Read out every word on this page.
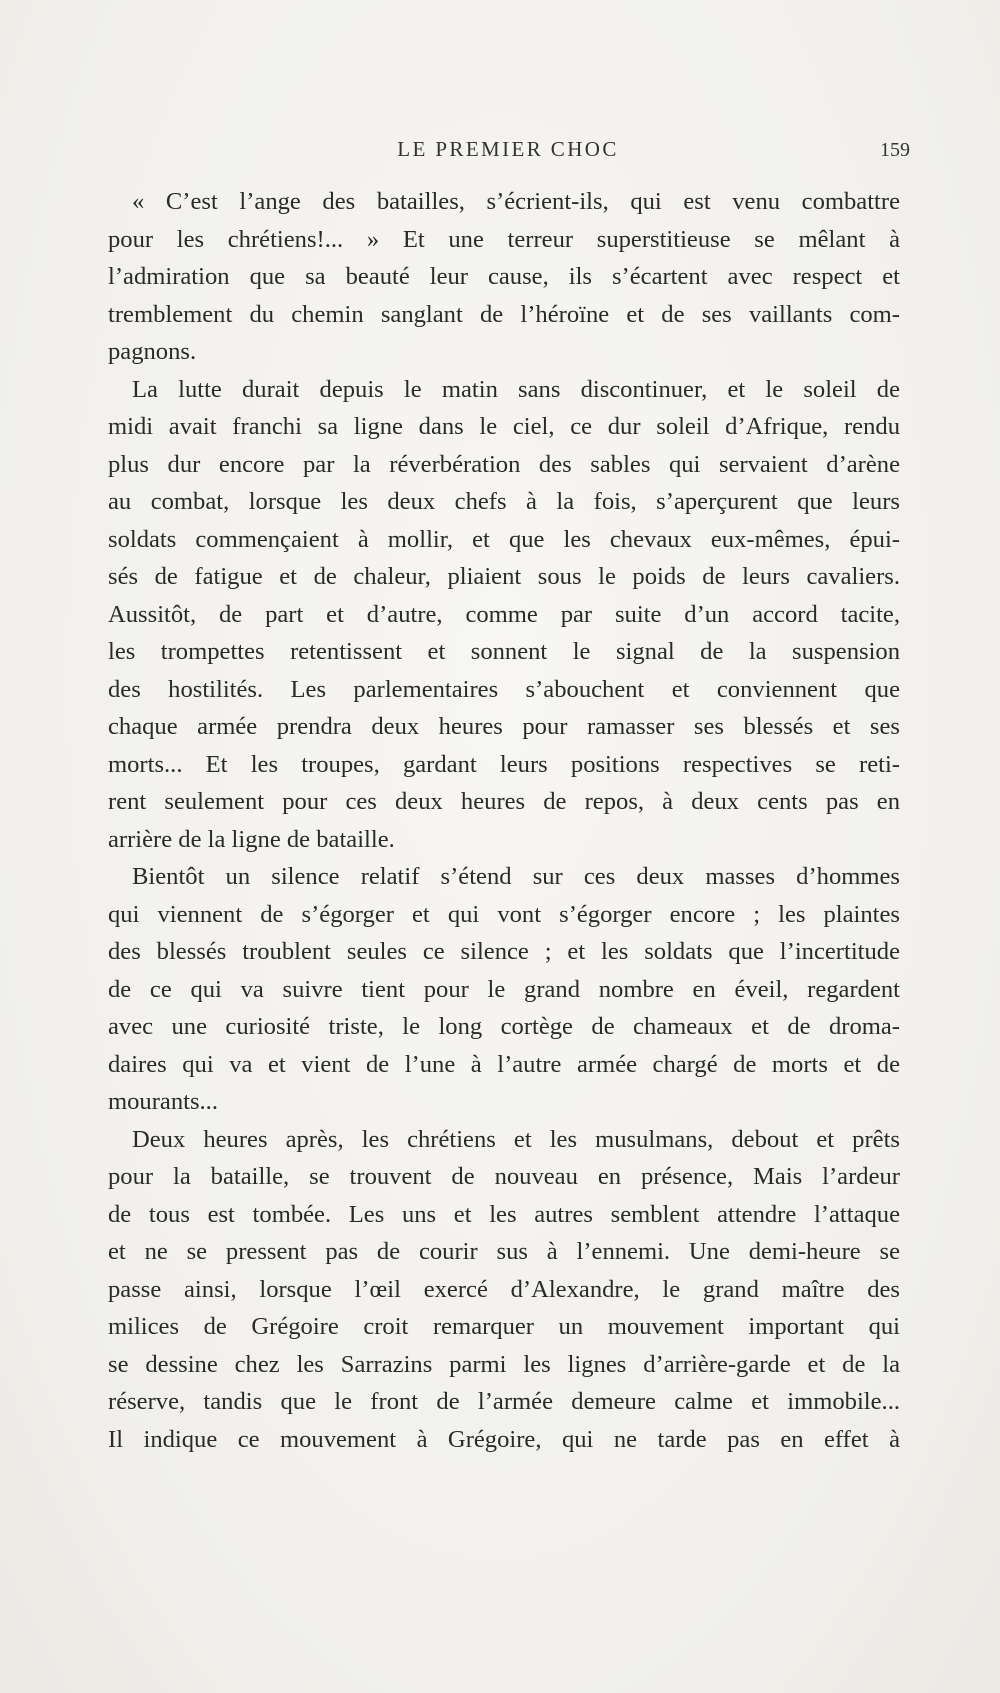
LE PREMIER CHOC	159

« C’est l’ange des batailles, s’écrient-ils, qui est venu combattre
pour les chrétiens!... » Et une terreur superstitieuse se mêlant à
l’admiration que sa beauté leur cause, ils s’écartent avec respect et
tremblement du chemin sanglant de l’héroïne et de ses vaillants com-
pagnons.

La lutte durait depuis le matin sans discontinuer, et le soleil de
midi avait franchi sa ligne dans le ciel, ce dur soleil d’Afrique, rendu
plus dur encore par la réverbération des sables qui servaient d’arène
au combat, lorsque les deux chefs à la fois, s’aperçurent que leurs
soldats commençaient à mollir, et que les chevaux eux-mêmes, épui-
sés de fatigue et de chaleur, pliaient sous le poids de leurs cavaliers.
Aussitôt, de part et d’autre, comme par suite d’un accord tacite,
les trompettes retentissent et sonnent le signal de la suspension
des hostilités. Les parlementaires s’abouchent et conviennent que
chaque armée prendra deux heures pour ramasser ses blessés et ses
morts... Et les troupes, gardant leurs positions respectives se reti-
rent seulement pour ces deux heures de repos, à deux cents pas en
arrière de la ligne de bataille.

Bientôt un silence relatif s’étend sur ces deux masses d’hommes
qui viennent de s’égorger et qui vont s’égorger encore ; les plaintes
des blessés troublent seules ce silence ; et les soldats que l’incertitude
de ce qui va suivre tient pour le grand nombre en éveil, regardent
avec une curiosité triste, le long cortège de chameaux et de droma-
daires qui va et vient de l’une à l’autre armée chargé de morts et de
mourants...

Deux heures après, les chrétiens et les musulmans, debout et prêts
pour la bataille, se trouvent de nouveau en présence, Mais l’ardeur
de tous est tombée. Les uns et les autres semblent attendre l’attaque
et ne se pressent pas de courir sus à l’ennemi. Une demi-heure se
passe ainsi, lorsque l’œil exercé d’Alexandre, le grand maître des
milices de Grégoire croit remarquer un mouvement important qui
se dessine chez les Sarrazins parmi les lignes d’arrière-garde et de la
réserve, tandis que le front de l’armée demeure calme et immobile...
Il indique ce mouvement à Grégoire, qui ne tarde pas en effet à
